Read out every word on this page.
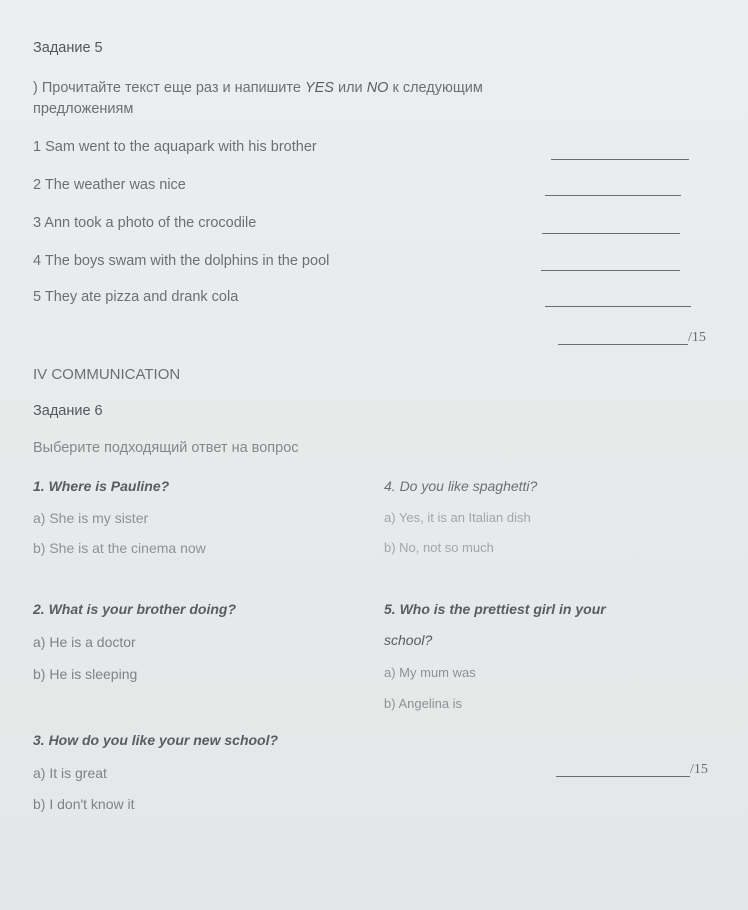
Задание 5
) Прочитайте текст еще раз и напишите YES или NO к следующим
предложениям
1 Sam went to the aquapark with his brother
2 The weather was nice
3 Ann took a photo of the crocodile
4 The boys swam with the dolphins in the pool
5 They ate pizza and drank cola
/15
IV COMMUNICATION
Задание 6
Выберите подходящий ответ на вопрос
1. Where is Pauline?
a) She is my sister
b) She is at the cinema now
2. What is your brother doing?
a) He is a doctor
b) He is sleeping
3. How do you like your new school?
a) It is great
b) I don't know it
4. Do you like spaghetti?
a) Yes, it is an Italian dish
b) No, not so much
5. Who is the prettiest girl in your
school?
a) My mum was
b) Angelina is
/15
